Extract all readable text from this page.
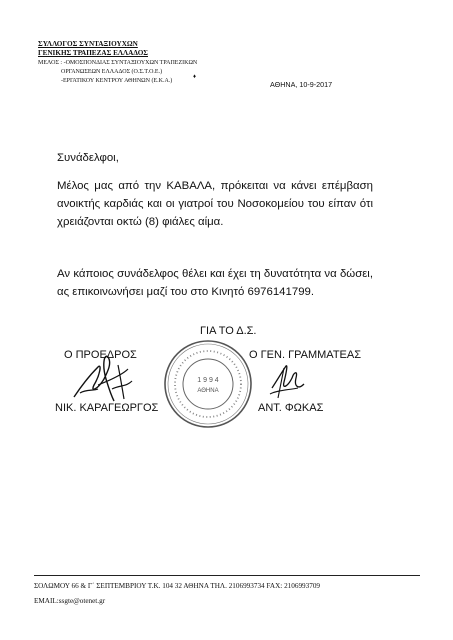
ΣΥΛΛΟΓΟΣ ΣΥΝΤΑΞΙΟΥΧΩΝ
ΓΕΝΙΚΗΣ ΤΡΑΠΕΖΑΣ ΕΛΛΑΔΟΣ
ΜΕΛΟΣ : -ΟΜΟΣΠΟΝΔΙΑΣ ΣΥΝΤΑΞΙΟΥΧΩΝ ΤΡΑΠΕΖΙΚΩΝ
ΟΡΓΑΝΩΣΕΩΝ ΕΛΛΑΔΟΣ (Ο.Σ.Τ.Ο.Ε.)
-ΕΡΓΑΤΙΚΟΥ ΚΕΝΤΡΟΥ ΑΘΗΝΩΝ (Ε.Κ.Α.)
♦
ΑΘΗΝΑ, 10-9-2017
Συνάδελφοι,
Μέλος μας από την ΚΑΒΑΛΑ, πρόκειται να κάνει επέμβαση ανοικτής καρδιάς και οι γιατροί του Νοσοκομείου του είπαν ότι χρειάζονται οκτώ (8) φιάλες αίμα.
Αν κάποιος συνάδελφος θέλει και έχει τη δυνατότητα να δώσει, ας επικοινωνήσει μαζί του στο Κινητό 6976141799.
ΓΙΑ ΤΟ Δ.Σ.
Ο ΠΡΟΕΔΡΟΣ	Ο ΓΕΝ. ΓΡΑΜΜΑΤΕΑΣ
1 9 9 4
ΑΘΗΝΑ
ΝΙΚ. ΚΑΡΑΓΕΩΡΓΟΣ	ΑΝΤ. ΦΩΚΑΣ
ΣΟΛΩΜΟΥ 66 & Γ΄ ΣΕΠΤΕΜΒΡΙΟΥ Τ.Κ. 104 32 ΑΘΗΝΑ ΤΗΛ. 2106993734 FAX: 2106993709
EMAIL:ssgte@otenet.gr
